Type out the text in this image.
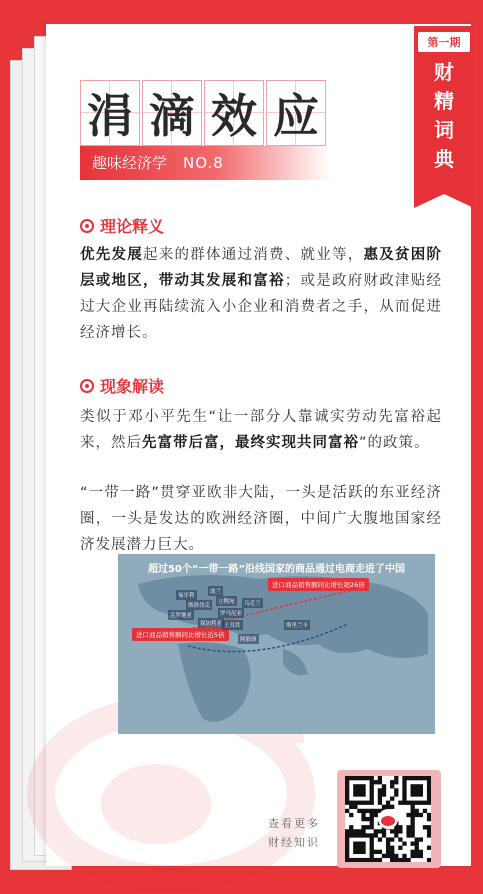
第一期
财
精
词
典
涓 滴 效 应
趣味经济学 NO.8
理论释义

优先发展起来的群体通过消费、就业等，惠及贫困阶层或地区，带动其发展和富裕；或是政府财政津贴经过大企业再陆续流入小企业和消费者之手，从而促进经济增长。

现象解读

类似于邓小平先生“让一部分人靠诚实劳动先富裕起来，然后先富带后富，最终实现共同富裕”的政策。

“一带一路”贯穿亚欧非大陆，一头是活跃的东亚经济圈，一头是发达的欧洲经济圈，中间广大腹地国家经济发展潜力巨大。

超过50个“一带一路”沿线国家的商品通过电商走进了中国
进口商品销售额同比增长超26倍
进口商品销售额同比增长近5倍
匈牙利
斯洛伐克
克罗地亚
波兰
立陶宛
罗马尼亚
乌克兰
土耳其
保加利亚
阿联酋
斯里兰卡
查看更多
财经知识
